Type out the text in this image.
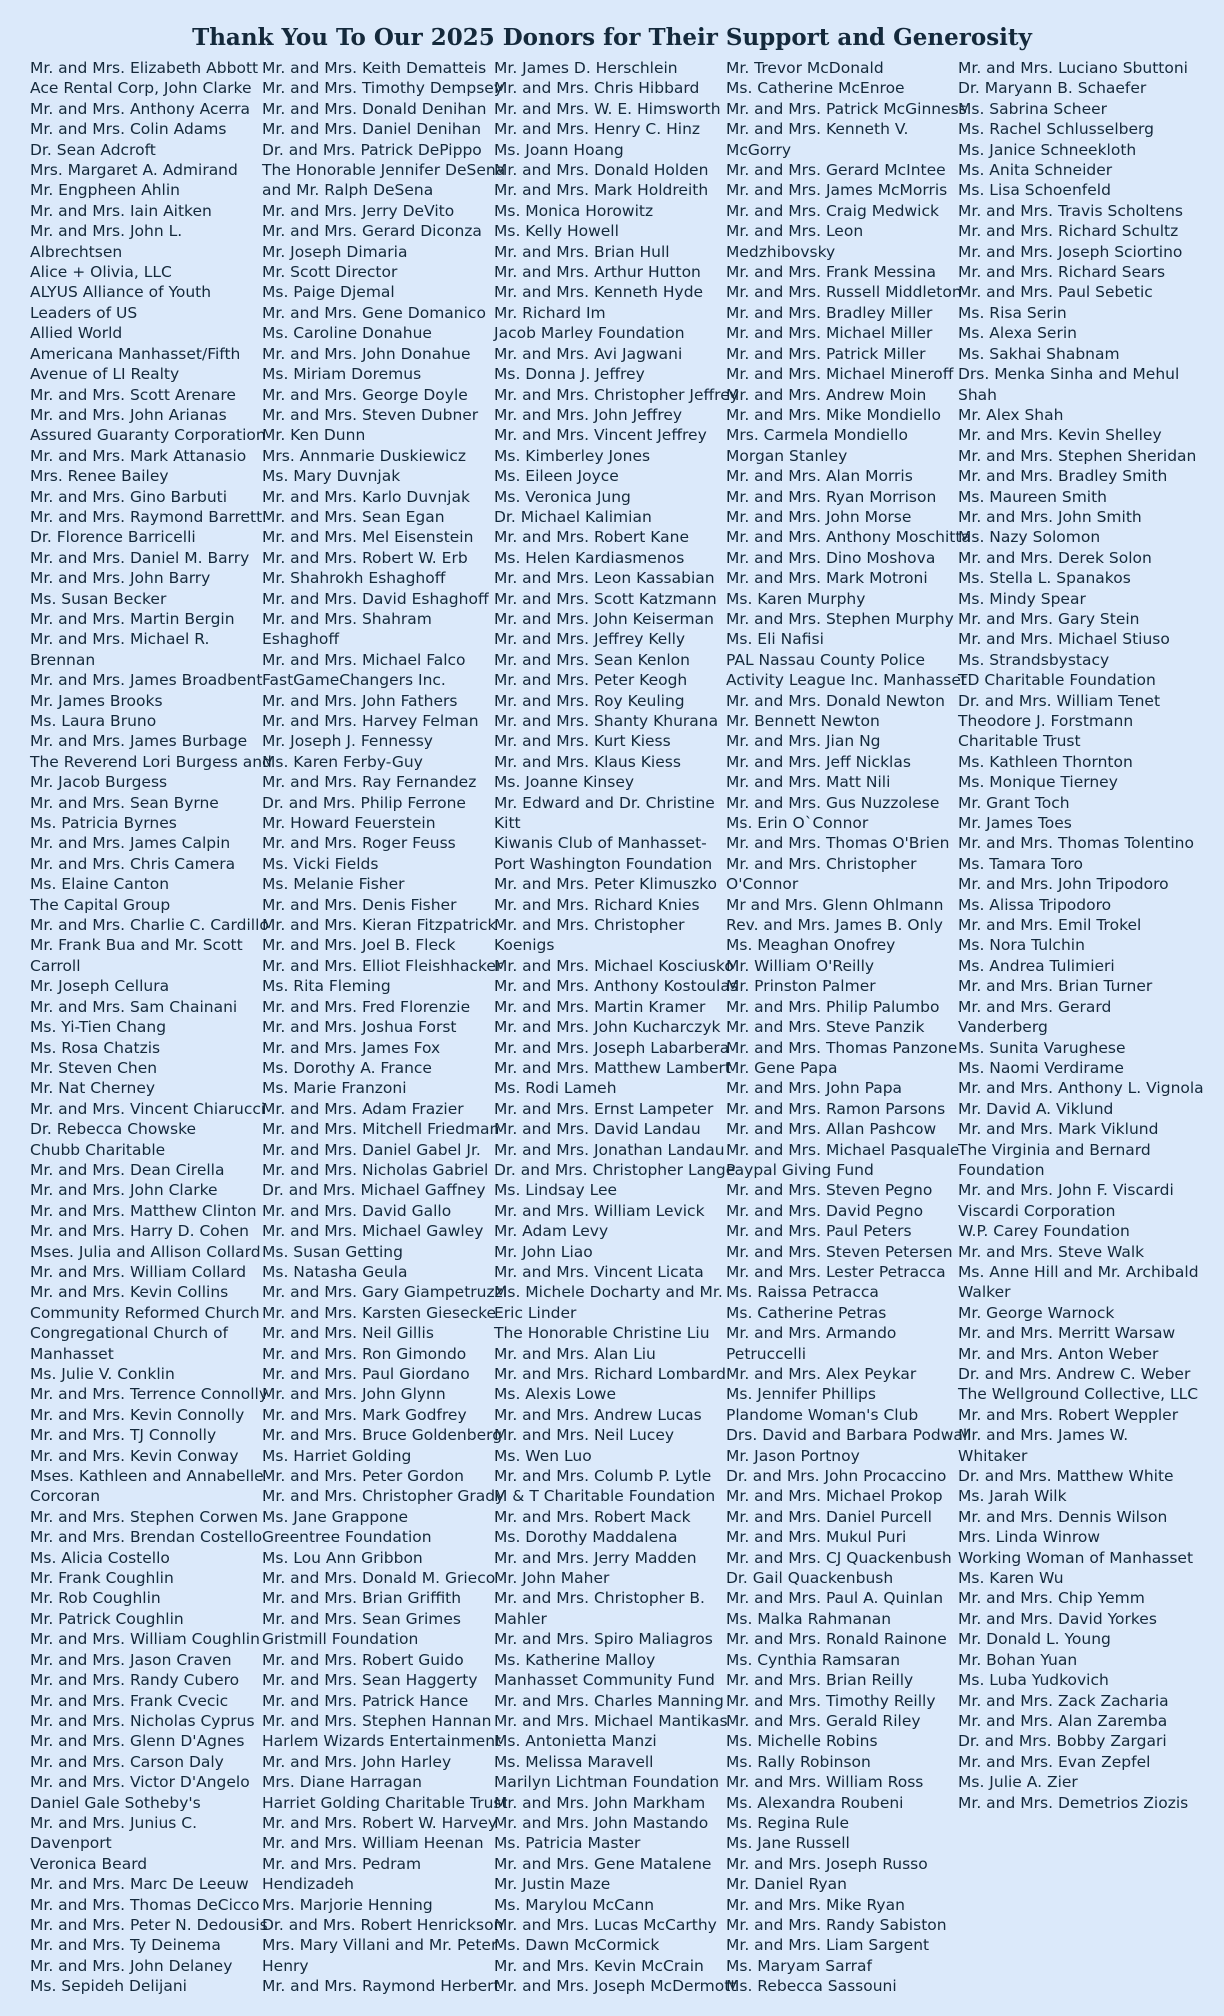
Thank You To Our 2025 Donors for Their Support and Generosity
Mr. and Mrs. Elizabeth Abbott
Ace Rental Corp, John Clarke
Mr. and Mrs. Anthony Acerra
Mr. and Mrs. Colin Adams
Dr. Sean Adcroft
Mrs. Margaret A. Admirand
Mr. Engpheen Ahlin
Mr. and Mrs. Iain Aitken
Mr. and Mrs. John L.
Albrechtsen
Alice + Olivia, LLC
ALYUS Alliance of Youth
Leaders of US
Allied World
Americana Manhasset/Fifth
Avenue of LI Realty
Mr. and Mrs. Scott Arenare
Mr. and Mrs. John Arianas
Assured Guaranty Corporation
Mr. and Mrs. Mark Attanasio
Mrs. Renee Bailey
Mr. and Mrs. Gino Barbuti
Mr. and Mrs. Raymond Barrett
Dr. Florence Barricelli
Mr. and Mrs. Daniel M. Barry
Mr. and Mrs. John Barry
Ms. Susan Becker
Mr. and Mrs. Martin Bergin
Mr. and Mrs. Michael R.
Brennan
Mr. and Mrs. James Broadbent
Mr. James Brooks
Ms. Laura Bruno
Mr. and Mrs. James Burbage
The Reverend Lori Burgess and
Mr. Jacob Burgess
Mr. and Mrs. Sean Byrne
Ms. Patricia Byrnes
Mr. and Mrs. James Calpin
Mr. and Mrs. Chris Camera
Ms. Elaine Canton
The Capital Group
Mr. and Mrs. Charlie C. Cardillo
Mr. Frank Bua and Mr. Scott
Carroll
Mr. Joseph Cellura
Mr. and Mrs. Sam Chainani
Ms. Yi-Tien Chang
Ms. Rosa Chatzis
Mr. Steven Chen
Mr. Nat Cherney
Mr. and Mrs. Vincent Chiarucci
Dr. Rebecca Chowske
Chubb Charitable
Mr. and Mrs. Dean Cirella
Mr. and Mrs. John Clarke
Mr. and Mrs. Matthew Clinton
Mr. and Mrs. Harry D. Cohen
Mses. Julia and Allison Collard
Mr. and Mrs. William Collard
Mr. and Mrs. Kevin Collins
Community Reformed Church
Congregational Church of
Manhasset
Ms. Julie V. Conklin
Mr. and Mrs. Terrence Connolly
Mr. and Mrs. Kevin Connolly
Mr. and Mrs. TJ Connolly
Mr. and Mrs. Kevin Conway
Mses. Kathleen and Annabelle
Corcoran
Mr. and Mrs. Stephen Corwen
Mr. and Mrs. Brendan Costello
Ms. Alicia Costello
Mr. Frank Coughlin
Mr. Rob Coughlin
Mr. Patrick Coughlin
Mr. and Mrs. William Coughlin
Mr. and Mrs. Jason Craven
Mr. and Mrs. Randy Cubero
Mr. and Mrs. Frank Cvecic
Mr. and Mrs. Nicholas Cyprus
Mr. and Mrs. Glenn D'Agnes
Mr. and Mrs. Carson Daly
Mr. and Mrs. Victor D'Angelo
Daniel Gale Sotheby's
Mr. and Mrs. Junius C.
Davenport
Veronica Beard
Mr. and Mrs. Marc De Leeuw
Mr. and Mrs. Thomas DeCicco
Mr. and Mrs. Peter N. Dedousis
Mr. and Mrs. Ty Deinema
Mr. and Mrs. John Delaney
Ms. Sepideh Delijani
Mr. and Mrs. Keith Dematteis
Mr. and Mrs. Timothy Dempsey
Mr. and Mrs. Donald Denihan
Mr. and Mrs. Daniel Denihan
Dr. and Mrs. Patrick DePippo
The Honorable Jennifer DeSena
and Mr. Ralph DeSena
Mr. and Mrs. Jerry DeVito
Mr. and Mrs. Gerard Diconza
Mr. Joseph Dimaria
Mr. Scott Director
Ms. Paige Djemal
Mr. and Mrs. Gene Domanico
Ms. Caroline Donahue
Mr. and Mrs. John Donahue
Ms. Miriam Doremus
Mr. and Mrs. George Doyle
Mr. and Mrs. Steven Dubner
Mr. Ken Dunn
Mrs. Annmarie Duskiewicz
Ms. Mary Duvnjak
Mr. and Mrs. Karlo Duvnjak
Mr. and Mrs. Sean Egan
Mr. and Mrs. Mel Eisenstein
Mr. and Mrs. Robert W. Erb
Mr. Shahrokh Eshaghoff
Mr. and Mrs. David Eshaghoff
Mr. and Mrs. Shahram
Eshaghoff
Mr. and Mrs. Michael Falco
FastGameChangers Inc.
Mr. and Mrs. John Fathers
Mr. and Mrs. Harvey Felman
Mr. Joseph J. Fennessy
Ms. Karen Ferby-Guy
Mr. and Mrs. Ray Fernandez
Dr. and Mrs. Philip Ferrone
Mr. Howard Feuerstein
Mr. and Mrs. Roger Feuss
Ms. Vicki Fields
Ms. Melanie Fisher
Mr. and Mrs. Denis Fisher
Mr. and Mrs. Kieran Fitzpatrick
Mr. and Mrs. Joel B. Fleck
Mr. and Mrs. Elliot Fleishhacker
Ms. Rita Fleming
Mr. and Mrs. Fred Florenzie
Mr. and Mrs. Joshua Forst
Mr. and Mrs. James Fox
Ms. Dorothy A. France
Ms. Marie Franzoni
Mr. and Mrs. Adam Frazier
Mr. and Mrs. Mitchell Friedman
Mr. and Mrs. Daniel Gabel Jr.
Mr. and Mrs. Nicholas Gabriel
Dr. and Mrs. Michael Gaffney
Mr. and Mrs. David Gallo
Mr. and Mrs. Michael Gawley
Ms. Susan Getting
Ms. Natasha Geula
Mr. and Mrs. Gary Giampetruzzi
Mr. and Mrs. Karsten Giesecke
Mr. and Mrs. Neil Gillis
Mr. and Mrs. Ron Gimondo
Mr. and Mrs. Paul Giordano
Mr. and Mrs. John Glynn
Mr. and Mrs. Mark Godfrey
Mr. and Mrs. Bruce Goldenberg
Ms. Harriet Golding
Mr. and Mrs. Peter Gordon
Mr. and Mrs. Christopher Grady
Ms. Jane Grappone
Greentree Foundation
Ms. Lou Ann Gribbon
Mr. and Mrs. Donald M. Grieco
Mr. and Mrs. Brian Griffith
Mr. and Mrs. Sean Grimes
Gristmill Foundation
Mr. and Mrs. Robert Guido
Mr. and Mrs. Sean Haggerty
Mr. and Mrs. Patrick Hance
Mr. and Mrs. Stephen Hannan
Harlem Wizards Entertainment
Mr. and Mrs. John Harley
Mrs. Diane Harragan
Harriet Golding Charitable Trust
Mr. and Mrs. Robert W. Harvey
Mr. and Mrs. William Heenan
Mr. and Mrs. Pedram
Hendizadeh
Mrs. Marjorie Henning
Dr. and Mrs. Robert Henrickson
Mrs. Mary Villani and Mr. Peter
Henry
Mr. and Mrs. Raymond Herbert
Mr. James D. Herschlein
Mr. and Mrs. Chris Hibbard
Mr. and Mrs. W. E. Himsworth
Mr. and Mrs. Henry C. Hinz
Ms. Joann Hoang
Mr. and Mrs. Donald Holden
Mr. and Mrs. Mark Holdreith
Ms. Monica Horowitz
Ms. Kelly Howell
Mr. and Mrs. Brian Hull
Mr. and Mrs. Arthur Hutton
Mr. and Mrs. Kenneth Hyde
Mr. Richard Im
Jacob Marley Foundation
Mr. and Mrs. Avi Jagwani
Ms. Donna J. Jeffrey
Mr. and Mrs. Christopher Jeffrey
Mr. and Mrs. John Jeffrey
Mr. and Mrs. Vincent Jeffrey
Ms. Kimberley Jones
Ms. Eileen Joyce
Ms. Veronica Jung
Dr. Michael Kalimian
Mr. and Mrs. Robert Kane
Ms. Helen Kardiasmenos
Mr. and Mrs. Leon Kassabian
Mr. and Mrs. Scott Katzmann
Mr. and Mrs. John Keiserman
Mr. and Mrs. Jeffrey Kelly
Mr. and Mrs. Sean Kenlon
Mr. and Mrs. Peter Keogh
Mr. and Mrs. Roy Keuling
Mr. and Mrs. Shanty Khurana
Mr. and Mrs. Kurt Kiess
Mr. and Mrs. Klaus Kiess
Ms. Joanne Kinsey
Mr. Edward and Dr. Christine
Kitt
Kiwanis Club of Manhasset-
Port Washington Foundation
Mr. and Mrs. Peter Klimuszko
Mr. and Mrs. Richard Knies
Mr. and Mrs. Christopher
Koenigs
Mr. and Mrs. Michael Kosciusko
Mr. and Mrs. Anthony Kostoulas
Mr. and Mrs. Martin Kramer
Mr. and Mrs. John Kucharczyk
Mr. and Mrs. Joseph Labarbera
Mr. and Mrs. Matthew Lambert
Ms. Rodi Lameh
Mr. and Mrs. Ernst Lampeter
Mr. and Mrs. David Landau
Mr. and Mrs. Jonathan Landau
Dr. and Mrs. Christopher Lange
Ms. Lindsay Lee
Mr. and Mrs. William Levick
Mr. Adam Levy
Mr. John Liao
Mr. and Mrs. Vincent Licata
Ms. Michele Docharty and Mr.
Eric Linder
The Honorable Christine Liu
Mr. and Mrs. Alan Liu
Mr. and Mrs. Richard Lombard
Ms. Alexis Lowe
Mr. and Mrs. Andrew Lucas
Mr. and Mrs. Neil Lucey
Ms. Wen Luo
Mr. and Mrs. Columb P. Lytle
M & T Charitable Foundation
Mr. and Mrs. Robert Mack
Ms. Dorothy Maddalena
Mr. and Mrs. Jerry Madden
Mr. John Maher
Mr. and Mrs. Christopher B.
Mahler
Mr. and Mrs. Spiro Maliagros
Ms. Katherine Malloy
Manhasset Community Fund
Mr. and Mrs. Charles Manning
Mr. and Mrs. Michael Mantikas
Ms. Antonietta Manzi
Ms. Melissa Maravell
Marilyn Lichtman Foundation
Mr. and Mrs. John Markham
Mr. and Mrs. John Mastando
Ms. Patricia Master
Mr. and Mrs. Gene Matalene
Mr. Justin Maze
Ms. Marylou McCann
Mr. and Mrs. Lucas McCarthy
Ms. Dawn McCormick
Mr. and Mrs. Kevin McCrain
Mr. and Mrs. Joseph McDermott
Mr. Trevor McDonald
Ms. Catherine McEnroe
Mr. and Mrs. Patrick McGinness
Mr. and Mrs. Kenneth V.
McGorry
Mr. and Mrs. Gerard McIntee
Mr. and Mrs. James McMorris
Mr. and Mrs. Craig Medwick
Mr. and Mrs. Leon
Medzhibovsky
Mr. and Mrs. Frank Messina
Mr. and Mrs. Russell Middleton
Mr. and Mrs. Bradley Miller
Mr. and Mrs. Michael Miller
Mr. and Mrs. Patrick Miller
Mr. and Mrs. Michael Mineroff
Mr. and Mrs. Andrew Moin
Mr. and Mrs. Mike Mondiello
Mrs. Carmela Mondiello
Morgan Stanley
Mr. and Mrs. Alan Morris
Mr. and Mrs. Ryan Morrison
Mr. and Mrs. John Morse
Mr. and Mrs. Anthony Moschitta
Mr. and Mrs. Dino Moshova
Mr. and Mrs. Mark Motroni
Ms. Karen Murphy
Mr. and Mrs. Stephen Murphy
Ms. Eli Nafisi
PAL Nassau County Police
Activity League Inc. Manhasset
Mr. and Mrs. Donald Newton
Mr. Bennett Newton
Mr. and Mrs. Jian Ng
Mr. and Mrs. Jeff Nicklas
Mr. and Mrs. Matt Nili
Mr. and Mrs. Gus Nuzzolese
Ms. Erin O`Connor
Mr. and Mrs. Thomas O'Brien
Mr. and Mrs. Christopher
O'Connor
Mr and Mrs. Glenn Ohlmann
Rev. and Mrs. James B. Only
Ms. Meaghan Onofrey
Mr. William O'Reilly
Mr. Prinston Palmer
Mr. and Mrs. Philip Palumbo
Mr. and Mrs. Steve Panzik
Mr. and Mrs. Thomas Panzone
Mr. Gene Papa
Mr. and Mrs. John Papa
Mr. and Mrs. Ramon Parsons
Mr. and Mrs. Allan Pashcow
Mr. and Mrs. Michael Pasquale
Paypal Giving Fund
Mr. and Mrs. Steven Pegno
Mr. and Mrs. David Pegno
Mr. and Mrs. Paul Peters
Mr. and Mrs. Steven Petersen
Mr. and Mrs. Lester Petracca
Ms. Raissa Petracca
Ms. Catherine Petras
Mr. and Mrs. Armando
Petruccelli
Mr. and Mrs. Alex Peykar
Ms. Jennifer Phillips
Plandome Woman's Club
Drs. David and Barbara Podwall
Mr. Jason Portnoy
Dr. and Mrs. John Procaccino
Mr. and Mrs. Michael Prokop
Mr. and Mrs. Daniel Purcell
Mr. and Mrs. Mukul Puri
Mr. and Mrs. CJ Quackenbush
Dr. Gail Quackenbush
Mr. and Mrs. Paul A. Quinlan
Ms. Malka Rahmanan
Mr. and Mrs. Ronald Rainone
Ms. Cynthia Ramsaran
Mr. and Mrs. Brian Reilly
Mr. and Mrs. Timothy Reilly
Mr. and Mrs. Gerald Riley
Ms. Michelle Robins
Ms. Rally Robinson
Mr. and Mrs. William Ross
Ms. Alexandra Roubeni
Ms. Regina Rule
Ms. Jane Russell
Mr. and Mrs. Joseph Russo
Mr. Daniel Ryan
Mr. and Mrs. Mike Ryan
Mr. and Mrs. Randy Sabiston
Mr. and Mrs. Liam Sargent
Ms. Maryam Sarraf
Ms. Rebecca Sassouni
Mr. and Mrs. Luciano Sbuttoni
Dr. Maryann B. Schaefer
Ms. Sabrina Scheer
Ms. Rachel Schlusselberg
Ms. Janice Schneekloth
Ms. Anita Schneider
Ms. Lisa Schoenfeld
Mr. and Mrs. Travis Scholtens
Mr. and Mrs. Richard Schultz
Mr. and Mrs. Joseph Sciortino
Mr. and Mrs. Richard Sears
Mr. and Mrs. Paul Sebetic
Ms. Risa Serin
Ms. Alexa Serin
Ms. Sakhai Shabnam
Drs. Menka Sinha and Mehul
Shah
Mr. Alex Shah
Mr. and Mrs. Kevin Shelley
Mr. and Mrs. Stephen Sheridan
Mr. and Mrs. Bradley Smith
Ms. Maureen Smith
Mr. and Mrs. John Smith
Ms. Nazy Solomon
Mr. and Mrs. Derek Solon
Ms. Stella L. Spanakos
Ms. Mindy Spear
Mr. and Mrs. Gary Stein
Mr. and Mrs. Michael Stiuso
Ms. Strandsbystacy
TD Charitable Foundation
Dr. and Mrs. William Tenet
Theodore J. Forstmann
Charitable Trust
Ms. Kathleen Thornton
Ms. Monique Tierney
Mr. Grant Toch
Mr. James Toes
Mr. and Mrs. Thomas Tolentino
Ms. Tamara Toro
Mr. and Mrs. John Tripodoro
Ms. Alissa Tripodoro
Mr. and Mrs. Emil Trokel
Ms. Nora Tulchin
Ms. Andrea Tulimieri
Mr. and Mrs. Brian Turner
Mr. and Mrs. Gerard
Vanderberg
Ms. Sunita Varughese
Ms. Naomi Verdirame
Mr. and Mrs. Anthony L. Vignola
Mr. David A. Viklund
Mr. and Mrs. Mark Viklund
The Virginia and Bernard
Foundation
Mr. and Mrs. John F. Viscardi
Viscardi Corporation
W.P. Carey Foundation
Mr. and Mrs. Steve Walk
Ms. Anne Hill and Mr. Archibald
Walker
Mr. George Warnock
Mr. and Mrs. Merritt Warsaw
Mr. and Mrs. Anton Weber
Dr. and Mrs. Andrew C. Weber
The Wellground Collective, LLC
Mr. and Mrs. Robert Weppler
Mr. and Mrs. James W.
Whitaker
Dr. and Mrs. Matthew White
Ms. Jarah Wilk
Mr. and Mrs. Dennis Wilson
Mrs. Linda Winrow
Working Woman of Manhasset
Ms. Karen Wu
Mr. and Mrs. Chip Yemm
Mr. and Mrs. David Yorkes
Mr. Donald L. Young
Mr. Bohan Yuan
Ms. Luba Yudkovich
Mr. and Mrs. Zack Zacharia
Mr. and Mrs. Alan Zaremba
Dr. and Mrs. Bobby Zargari
Mr. and Mrs. Evan Zepfel
Ms. Julie A. Zier
Mr. and Mrs. Demetrios Ziozis
